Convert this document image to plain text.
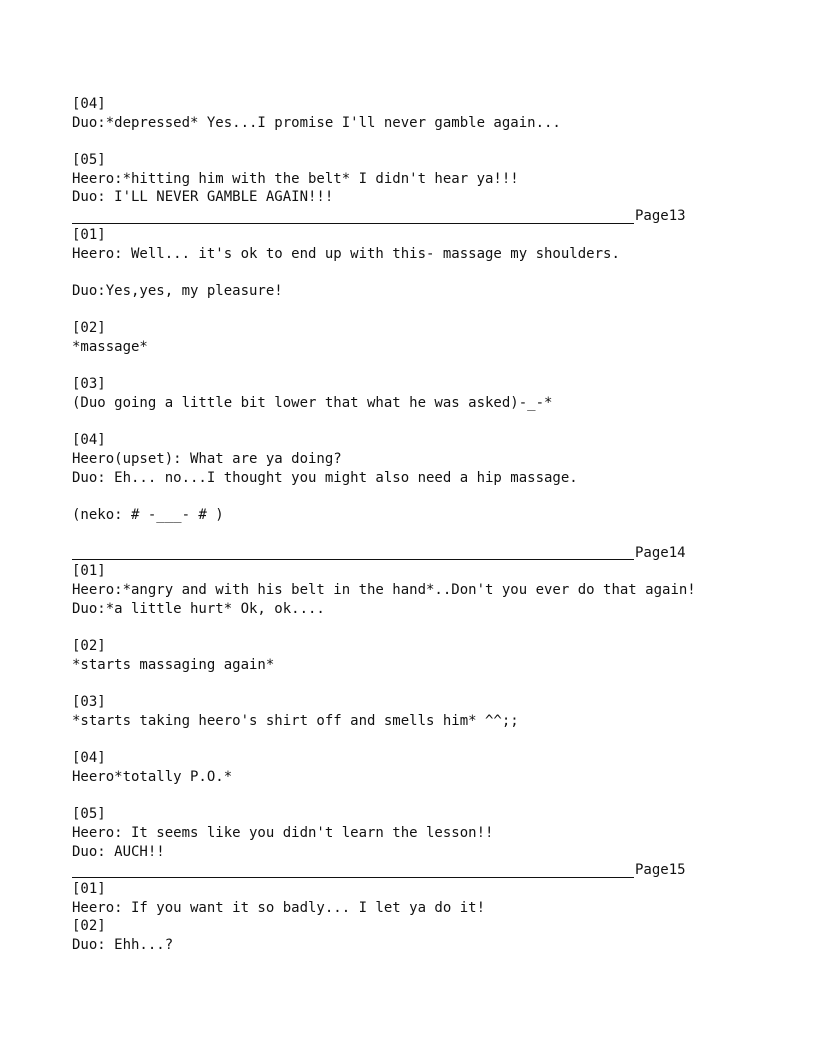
[04]
Duo:*depressed* Yes...I promise I'll never gamble again...
[05]
Heero:*hitting him with the belt* I didn't hear ya!!!
Duo: I'LL NEVER GAMBLE AGAIN!!!
Page13
[01]
Heero: Well... it's ok to end up with this- massage my shoulders.
Duo:Yes,yes, my pleasure!
[02]
*massage*
[03]
(Duo going a little bit lower that what he was asked)-_-*
[04]
Heero(upset): What are ya doing?
Duo: Eh... no...I thought you might also need a hip massage.
(neko: # -___- # )
Page14
[01]
Heero:*angry and with his belt in the hand*..Don't you ever do that again!
Duo:*a little hurt* Ok, ok....
[02]
*starts massaging again*
[03]
*starts taking heero's shirt off and smells him* ^^;;
[04]
Heero*totally P.O.*
[05]
Heero: It seems like you didn't learn the lesson!!
Duo: AUCH!!
Page15
[01]
Heero: If you want it so badly... I let ya do it!
[02]
Duo: Ehh...?
